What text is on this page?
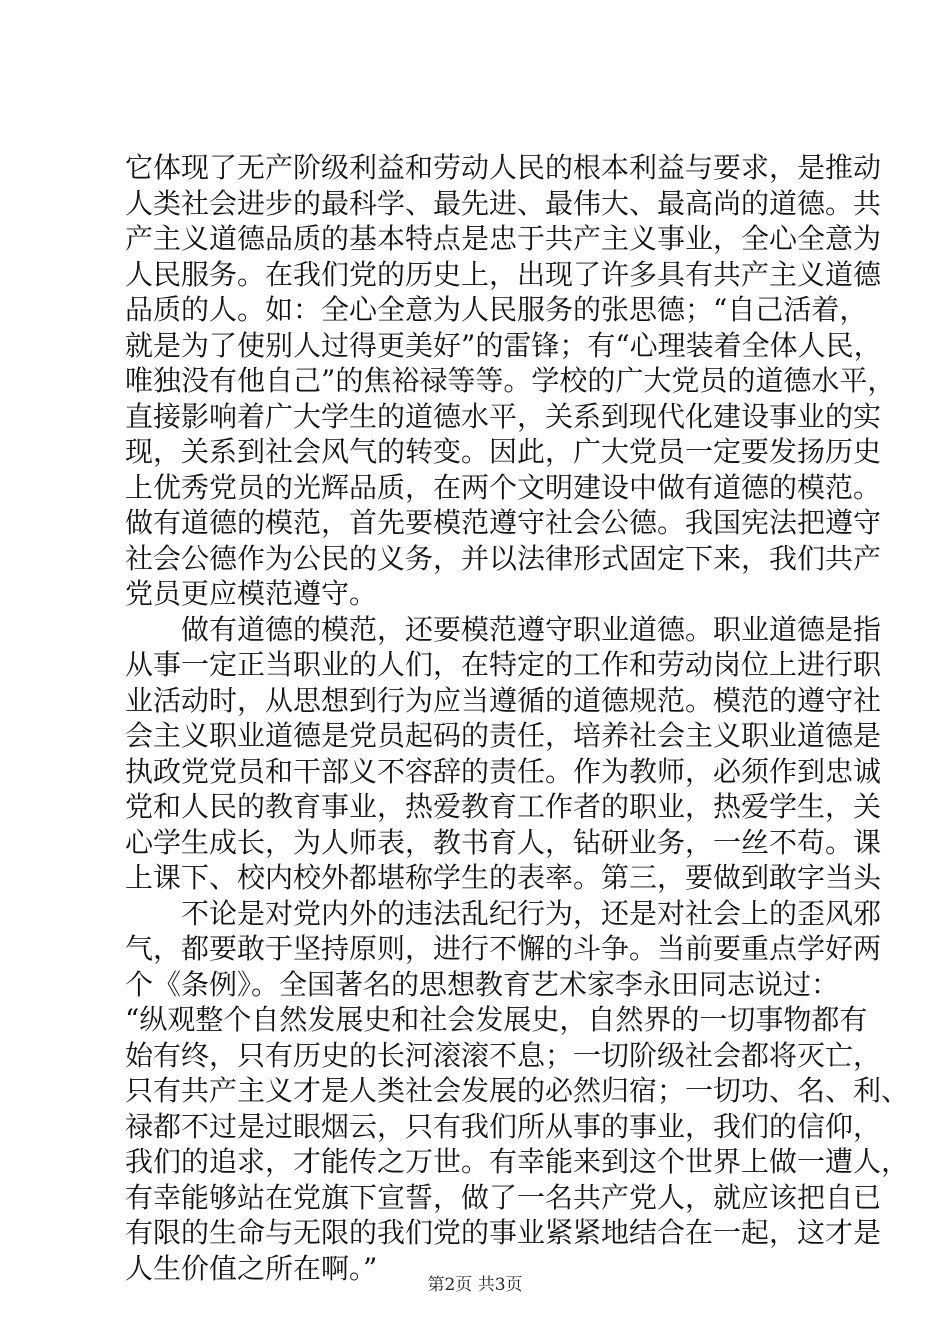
它体现了无产阶级利益和劳动人民的根本利益与要求，是推动
人类社会进步的最科学、最先进、最伟大、最高尚的道德。共
产主义道德品质的基本特点是忠于共产主义事业，全心全意为
人民服务。在我们党的历史上，出现了许多具有共产主义道德
品质的人。如：全心全意为人民服务的张思德；“自己活着，
就是为了使别人过得更美好”的雷锋；有“心理装着全体人民，
唯独没有他自己”的焦裕禄等等。学校的广大党员的道德水平，
直接影响着广大学生的道德水平，关系到现代化建设事业的实
现，关系到社会风气的转变。因此，广大党员一定要发扬历史
上优秀党员的光辉品质，在两个文明建设中做有道德的模范。
做有道德的模范，首先要模范遵守社会公德。我国宪法把遵守
社会公德作为公民的义务，并以法律形式固定下来，我们共产
党员更应模范遵守。
　　做有道德的模范，还要模范遵守职业道德。职业道德是指
从事一定正当职业的人们，在特定的工作和劳动岗位上进行职
业活动时，从思想到行为应当遵循的道德规范。模范的遵守社
会主义职业道德是党员起码的责任，培养社会主义职业道德是
执政党党员和干部义不容辞的责任。作为教师，必须作到忠诚
党和人民的教育事业，热爱教育工作者的职业，热爱学生，关
心学生成长，为人师表，教书育人，钻研业务，一丝不苟。课
上课下、校内校外都堪称学生的表率。第三，要做到敢字当头
　　不论是对党内外的违法乱纪行为，还是对社会上的歪风邪
气，都要敢于坚持原则，进行不懈的斗争。当前要重点学好两
个《条例》。全国著名的思想教育艺术家李永田同志说过：
“纵观整个自然发展史和社会发展史，自然界的一切事物都有
始有终，只有历史的长河滚滚不息；一切阶级社会都将灭亡，
只有共产主义才是人类社会发展的必然归宿；一切功、名、利、
禄都不过是过眼烟云，只有我们所从事的事业，我们的信仰，
我们的追求，才能传之万世。有幸能来到这个世界上做一遭人，
有幸能够站在党旗下宣誓，做了一名共产党人，就应该把自已
有限的生命与无限的我们党的事业紧紧地结合在一起，这才是
人生价值之所在啊。”
第2页 共3页
